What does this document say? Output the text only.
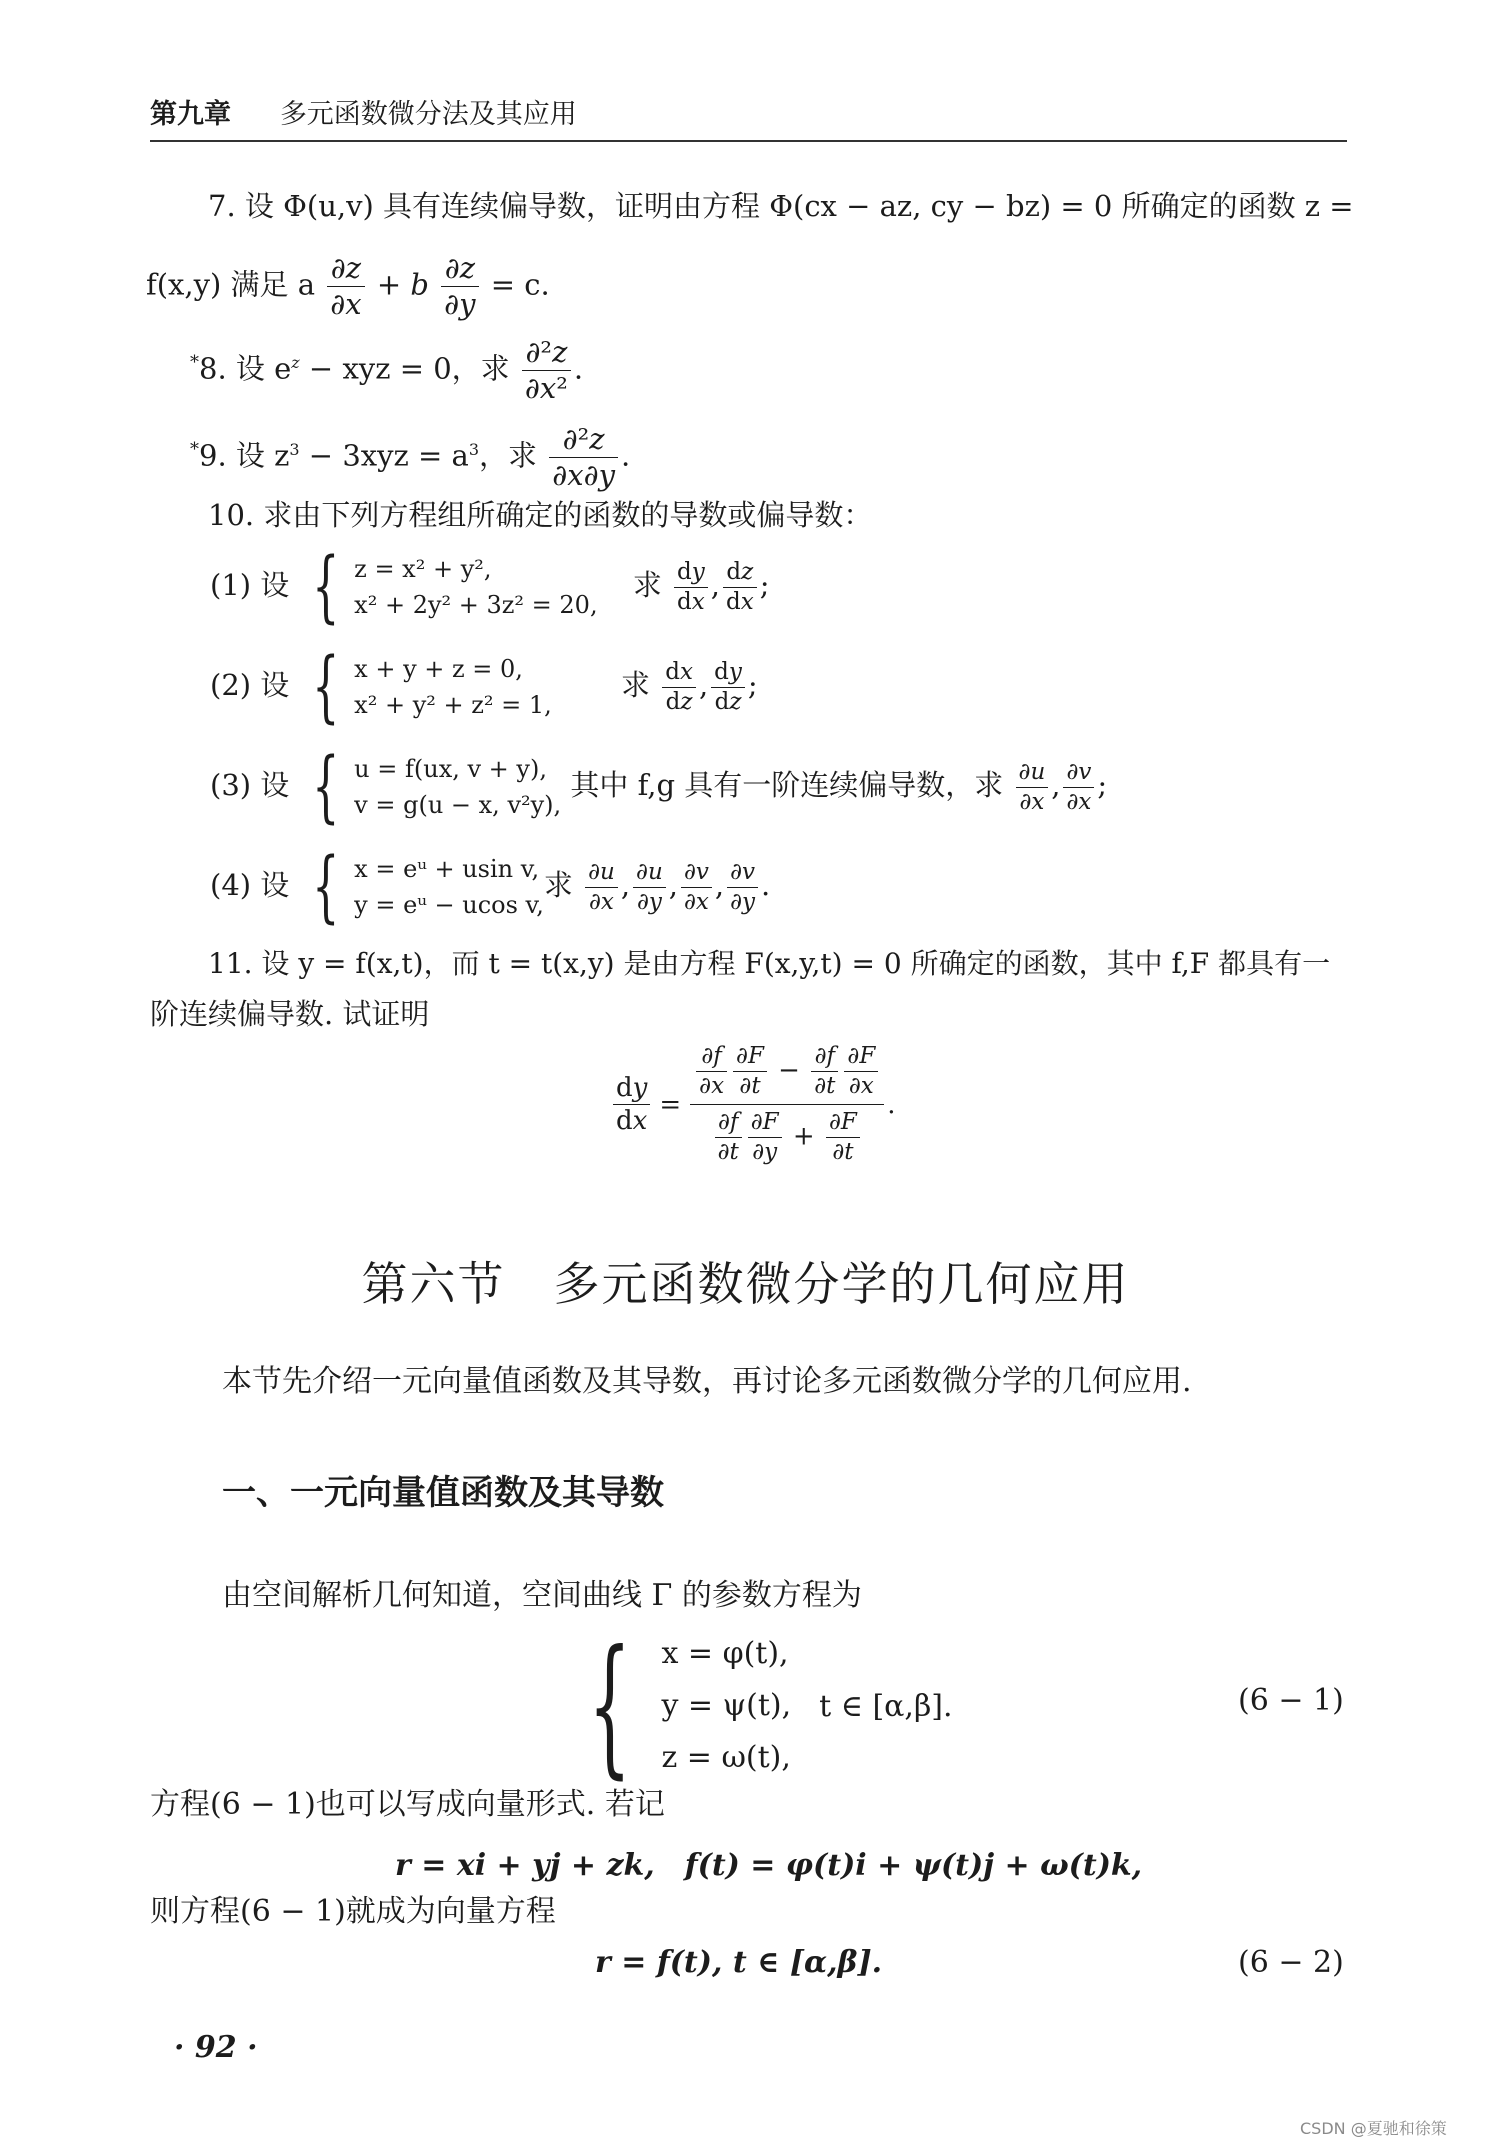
第九章 多元函数微分法及其应用
7. 设 Φ(u,v) 具有连续偏导数，证明由方程 Φ(cx − az, cy − bz) = 0 所确定的函数 z =
f(x,y) 满足 a $\frac{\partial z}{\partial x} + b \frac{\partial z}{\partial y} = c$.
*8. 设 $e^z$ − xyz = 0，求 $\frac{\text{∂²z}}{\text{∂x²}}$ .
*9. 设 $z^3 - 3xyz = a^3$，求 $\frac{\text{∂²z}}{\partial x\partial y}$ .
10. 求由下列方程组所确定的函数的导数或偏导数：
(1) 设 { z = x² + y²,
x² + 2y² + 3z² = 20,
求 $\frac{dy}{dx}$ , $\frac{dz}{dx}$ ;
(2) 设 { x + y + z = 0,
x² + y² + z² = 1,
求 $\frac{dx}{dz}$ , $\frac{dy}{dz}$ ;
(3) 设 { u = f(ux, v + y),
v = g(u − x, v²y),
其中 f,g 具有一阶连续偏导数，求 $\frac{\partial u}{\partial x}$ , $\frac{\partial v}{\partial x}$ ;
(4) 设 { x = eᵘ + usin v,
y = eᵘ − ucos v,
求 $\frac{\partial u}{\partial x}$ , $\frac{\partial u}{\partial y}$ , $\frac{\partial v}{\partial x}$ , $\frac{\partial v}{\partial y}$ .
11. 设 y = f(x,t)，而 t = t(x,y) 是由方程 F(x,y,t) = 0 所确定的函数，其中 f,F 都具有一
阶连续偏导数. 试证明
$\frac{dy}{dx} = \frac{\frac{\partial f}{\partial x} \frac{\partial F}{\partial t} - \frac{\partial f}{\partial t} \frac{\partial F}{\partial x}}{\frac{\partial f}{\partial t} \frac{\partial F}{\partial y} + \frac{\partial F}{\partial t}}$ .
第六节　多元函数微分学的几何应用
本节先介绍一元向量值函数及其导数，再讨论多元函数微分学的几何应用.
一、一元向量值函数及其导数
由空间解析几何知道，空间曲线 Γ 的参数方程为
{ x = φ(t),
y = ψ(t),
z = ω(t),
t ∈ [α,β].	(6 − 1)
方程(6 − 1)也可以写成向量形式. 若记
r = xi + yj + zk,　f(t) = φ(t)i + ψ(t)j + ω(t)k,
则方程(6 − 1)就成为向量方程
r = f(t), t ∈ [α,β].	(6 − 2)
· 92 ·
CSDN @夏驰和徐策
